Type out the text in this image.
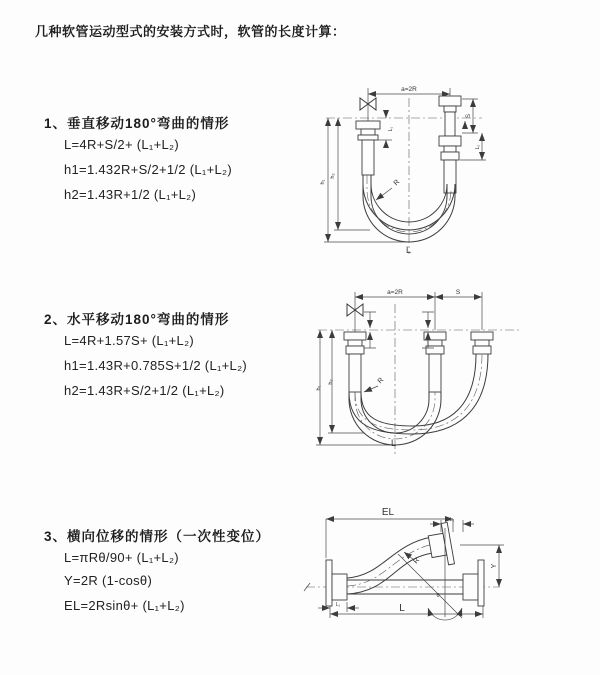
几种软管运动型式的安装方式时，软管的长度计算：
1、垂直移动180°弯曲的情形
L=4R+S/2+ (L₁+L₂)
h1=1.432R+S/2+1/2 (L₁+L₂)
h2=1.43R+1/2 (L₁+L₂)
2、水平移动180°弯曲的情形
L=4R+1.57S+ (L₁+L₂)
h1=1.43R+0.785S+1/2 (L₁+L₂)
h2=1.43R+S/2+1/2 (L₁+L₂)
3、横向位移的情形（一次性变位）
L=πRθ/90+ (L₁+L₂)
Y=2R (1-cosθ)
EL=2Rsinθ+ (L₁+L₂)
a=2R
h₁
h₂
L₁
S
L₂
R
L
a=2R	S
h₁
h₂	R
L
EL
L₂
Y
L
L₁
θ
R
